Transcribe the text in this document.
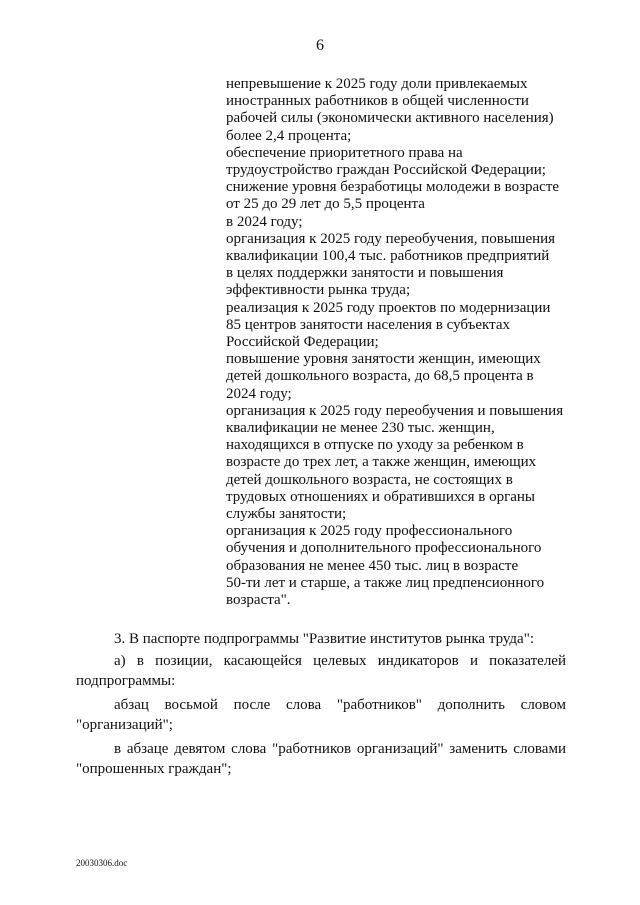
6
непревышение к 2025 году доли привлекаемых
иностранных работников в общей численности
рабочей силы (экономически активного населения)
более 2,4 процента;
обеспечение приоритетного права на
трудоустройство граждан Российской Федерации;
снижение уровня безработицы молодежи в возрасте
от 25 до 29 лет до 5,5 процента
в 2024 году;
организация к 2025 году переобучения, повышения
квалификации 100,4 тыс. работников предприятий
в целях поддержки занятости и повышения
эффективности рынка труда;
реализация к 2025 году проектов по модернизации
85 центров занятости населения в субъектах
Российской Федерации;
повышение уровня занятости женщин, имеющих
детей дошкольного возраста, до 68,5 процента в
2024 году;
организация к 2025 году переобучения и повышения
квалификации не менее 230 тыс. женщин,
находящихся в отпуске по уходу за ребенком в
возрасте до трех лет, а также женщин, имеющих
детей дошкольного возраста, не состоящих в
трудовых отношениях и обратившихся в органы
службы занятости;
организация к 2025 году профессионального
обучения и дополнительного профессионального
образования не менее 450 тыс. лиц в возрасте
50-ти лет и старше, а также лиц предпенсионного
возраста".
3. В паспорте подпрограммы "Развитие институтов рынка труда":
а) в позиции, касающейся целевых индикаторов и показателей
подпрограммы:
абзац восьмой после слова "работников" дополнить словом
"организаций";
в абзаце девятом слова "работников организаций" заменить словами
"опрошенных граждан";
20030306.doc
